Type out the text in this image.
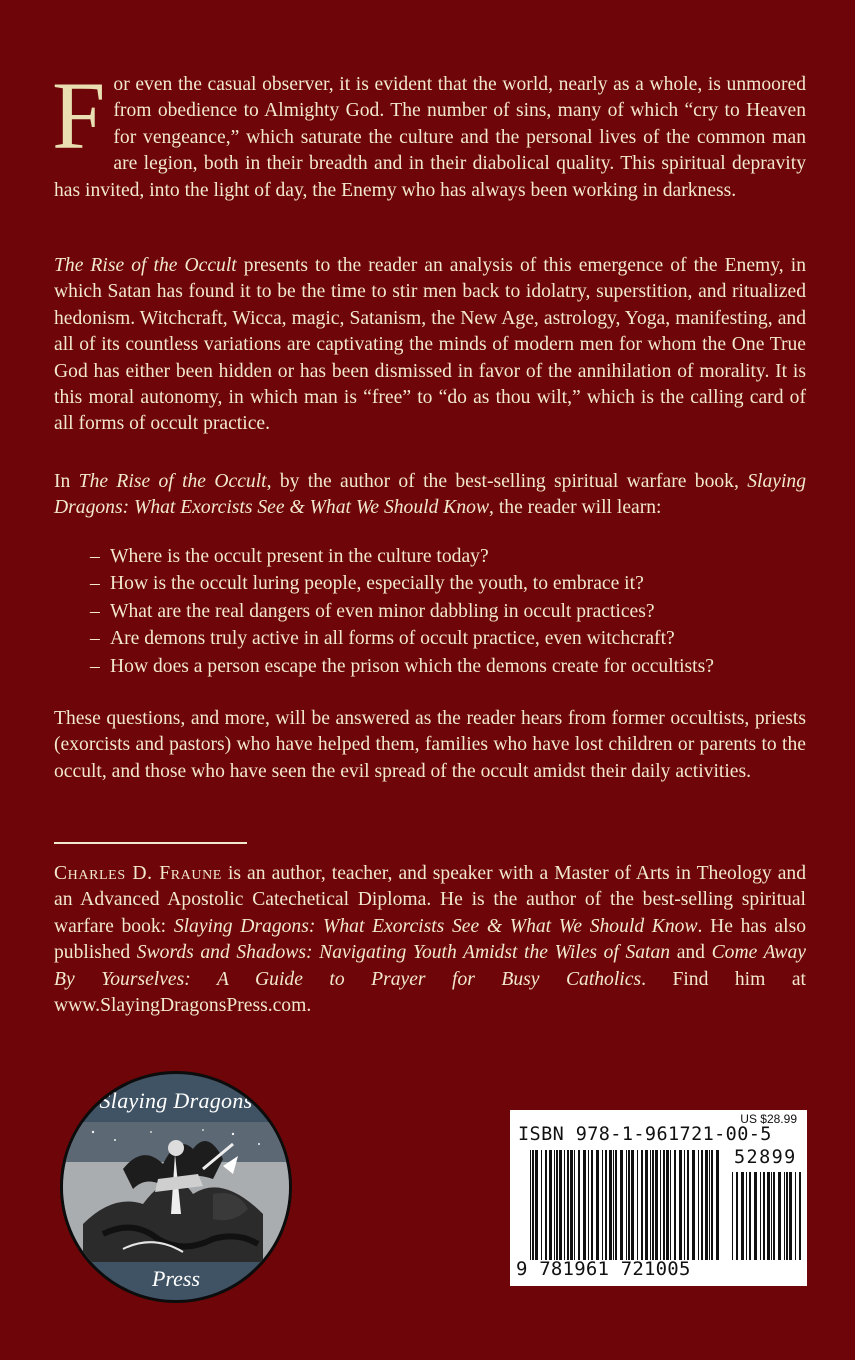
For even the casual observer, it is evident that the world, nearly as a whole, is unmoored from obedience to Almighty God. The number of sins, many of which “cry to Heaven for vengeance,” which saturate the culture and the personal lives of the common man are legion, both in their breadth and in their diabolical quality. This spiritual depravity has invited, into the light of day, the Enemy who has always been working in darkness.

The Rise of the Occult presents to the reader an analysis of this emergence of the Enemy, in which Satan has found it to be the time to stir men back to idolatry, superstition, and ritualized hedonism. Witchcraft, Wicca, magic, Satanism, the New Age, astrology, Yoga, manifesting, and all of its countless variations are captivating the minds of modern men for whom the One True God has either been hidden or has been dismissed in favor of the annihilation of morality. It is this moral autonomy, in which man is “free” to “do as thou wilt,” which is the calling card of all forms of occult practice.

In The Rise of the Occult, by the author of the best-selling spiritual warfare book, Slaying Dragons: What Exorcists See & What We Should Know, the reader will learn:

– Where is the occult present in the culture today?
– How is the occult luring people, especially the youth, to embrace it?
– What are the real dangers of even minor dabbling in occult practices?
– Are demons truly active in all forms of occult practice, even witchcraft?
– How does a person escape the prison which the demons create for occultists?

These questions, and more, will be answered as the reader hears from former occultists, priests (exorcists and pastors) who have helped them, families who have lost children or parents to the occult, and those who have seen the evil spread of the occult amidst their daily activities.

Charles D. Fraune is an author, teacher, and speaker with a Master of Arts in Theology and an Advanced Apostolic Catechetical Diploma. He is the author of the best-selling spiritual warfare book: Slaying Dragons: What Exorcists See & What We Should Know. He has also published Swords and Shadows: Navigating Youth Amidst the Wiles of Satan and Come Away By Yourselves: A Guide to Prayer for Busy Catholics. Find him at www.SlayingDragonsPress.com.

Slaying Dragons
Press
US $28.99
ISBN 978-1-961721-00-5
52899
9 781961 721005
